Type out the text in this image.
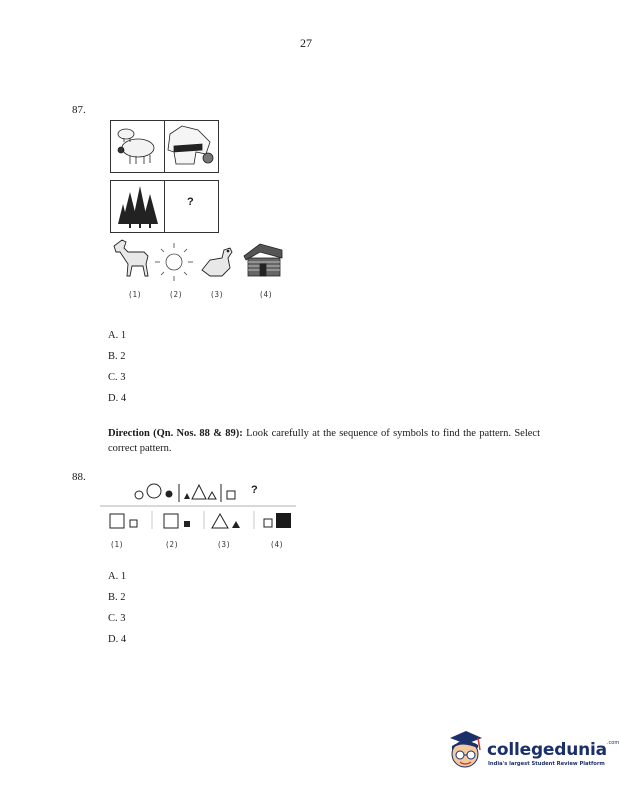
27
87.
?
(1)	(2)	(3)	(4)
A. 1
B. 2
C. 3
D. 4
Direction (Qn. Nos. 88 & 89): Look carefully at the sequence of symbols to find the pattern. Select correct pattern.
88.
?
(1)	(2)	(3)	(4)
A. 1
B. 2
C. 3
D. 4
collegedunia$^{.com}$
India's largest Student Review Platform
